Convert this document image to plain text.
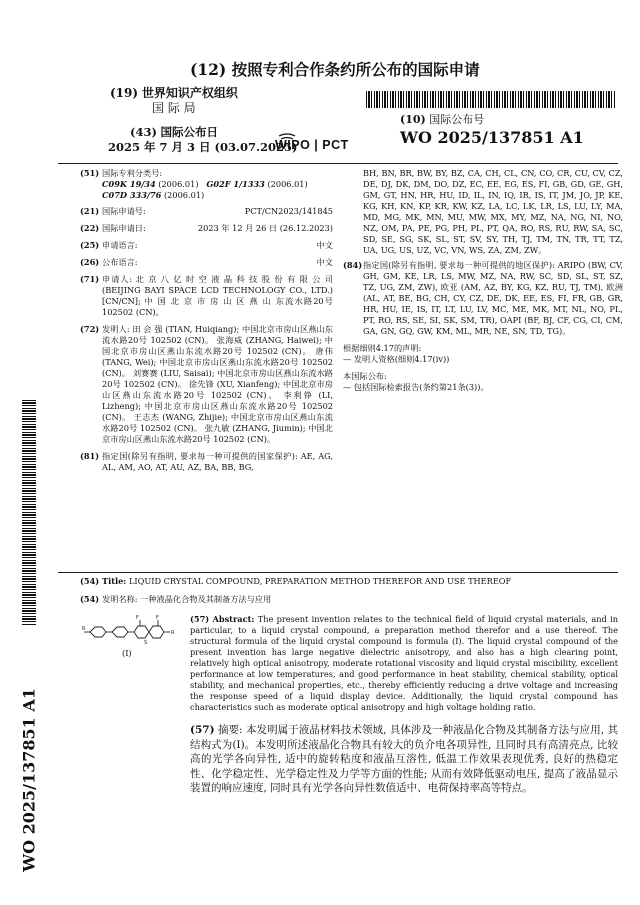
(12) 按照专利合作条约所公布的国际申请
(19) 世界知识产权组织
国 际 局
(43) 国际公布日
2025 年 7 月 3 日 (03.07.2025)
WIPO | PCT
(10) 国际公布号
WO 2025/137851 A1
(51) 国际专利分类号:
C09K 19/34 (2006.01) G02F 1/1333 (2006.01)
C07D 333/76 (2006.01)
(21) 国际申请号:	PCT/CN2023/141845
(22) 国际申请日:	2023 年 12 月 26 日 (26.12.2023)
(25) 申请语言:	中文
(26) 公布语言:	中文
(71) 申请人: 北 京 八 亿 时 空 液 晶 科 技 股 份 有 限 公 司 (BEIJING BAYI SPACE LCD TECHNOLOGY CO., LTD.) [CN/CN]; 中 国 北 京 市 房 山 区 燕 山 东流水路20号 102502 (CN)。
(72) 发明人: 田 会 强 (TIAN, Huiqiang); 中国北京市房山区燕山东流水路20号 102502 (CN)。 张海威 (ZHANG, Haiwei); 中国北京市房山区燕山东流水路20号 102502 (CN)。 唐伟 (TANG, Wei); 中国北京市房山区燕山东流水路20号 102502 (CN)。 刘赛赛 (LIU, Saisai); 中国北京市房山区燕山东流水路20号 102502 (CN)。 徐先锋 (XU, Xianfeng); 中国北京市房山区燕山东流水路20号 102502 (CN)。 李利铮 (LI, Lizheng); 中国北京市房山区燕山东流水路20号 102502 (CN)。 王志杰 (WANG, Zhijie); 中国北京市房山区燕山东流水路20号 102502 (CN)。 张九敏 (ZHANG, Jiumin); 中国北京市房山区燕山东流水路20号 102502 (CN)。
(81) 指定国(除另有指明, 要求每一种可提供的国家保护): AE, AG, AL, AM, AO, AT, AU, AZ, BA, BB, BG,
BH, BN, BR, BW, BY, BZ, CA, CH, CL, CN, CO, CR, CU, CV, CZ, DE, DJ, DK, DM, DO, DZ, EC, EE, EG, ES, FI, GB, GD, GE, GH, GM, GT, HN, HR, HU, ID, IL, IN, IQ, IR, IS, IT, JM, JO, JP, KE, KG, KH, KN, KP, KR, KW, KZ, LA, LC, LK, LR, LS, LU, LY, MA, MD, MG, MK, MN, MU, MW, MX, MY, MZ, NA, NG, NI, NO, NZ, OM, PA, PE, PG, PH, PL, PT, QA, RO, RS, RU, RW, SA, SC, SD, SE, SG, SK, SL, ST, SV, SY, TH, TJ, TM, TN, TR, TT, TZ, UA, UG, US, UZ, VC, VN, WS, ZA, ZM, ZW。
(84) 指定国(除另有指明, 要求每一种可提供的地区保护): ARIPO (BW, CV, GH, GM, KE, LR, LS, MW, MZ, NA, RW, SC, SD, SL, ST, SZ, TZ, UG, ZM, ZW), 欧亚 (AM, AZ, BY, KG, KZ, RU, TJ, TM), 欧洲 (AL, AT, BE, BG, CH, CY, CZ, DE, DK, EE, ES, FI, FR, GB, GR, HR, HU, IE, IS, IT, LT, LU, LV, MC, ME, MK, MT, NL, NO, PL, PT, RO, RS, SE, SI, SK, SM, TR), OAPI (BF, BJ, CF, CG, CI, CM, GA, GN, GQ, GW, KM, ML, MR, NE, SN, TD, TG)。
根据细则4.17的声明:
— 发明人资格(细则4.17(iv))
本国际公布:
— 包括国际检索报告(条约第21条(3))。
(54) Title: LIQUID CRYSTAL COMPOUND, PREPARATION METHOD THEREFOR AND USE THEREOF
(54) 发明名称: 一种液晶化合物及其制备方法与应用
R
F	F
R
S
(I)
(57) Abstract: The present invention relates to the technical field of liquid crystal materials, and in particular, to a liquid crystal compound, a preparation method therefor and a use thereof. The structural formula of the liquid crystal compound is formula (I). The liquid crystal compound of the present invention has large negative dielectric anisotropy, and also has a high clearing point, relatively high optical anisotropy, moderate rotational viscosity and liquid crystal miscibility, excellent performance at low temperatures, and good performance in heat stability, chemical stability, optical stability, and mechanical properties, etc., thereby efficiently reducing a drive voltage and increasing the response speed of a liquid display device. Additionally, the liquid crystal compound has characteristics such as moderate optical anisotropy and high voltage holding ratio.
(57) 摘要: 本发明属于液晶材料技术领域, 具体涉及一种液晶化合物及其制备方法与应用, 其结构式为(I)。本发明所述液晶化合物具有较大的负介电各项异性, 且同时具有高清亮点, 比较高的光学各向异性, 适中的旋转粘度和液晶互溶性, 低温工作效果表现优秀, 良好的热稳定性、化学稳定性、光学稳定性及力学等方面的性能; 从而有效降低驱动电压, 提高了液晶显示装置的响应速度, 同时具有光学各向异性数值适中、电荷保持率高等特点。
WO 2025/137851 A1
